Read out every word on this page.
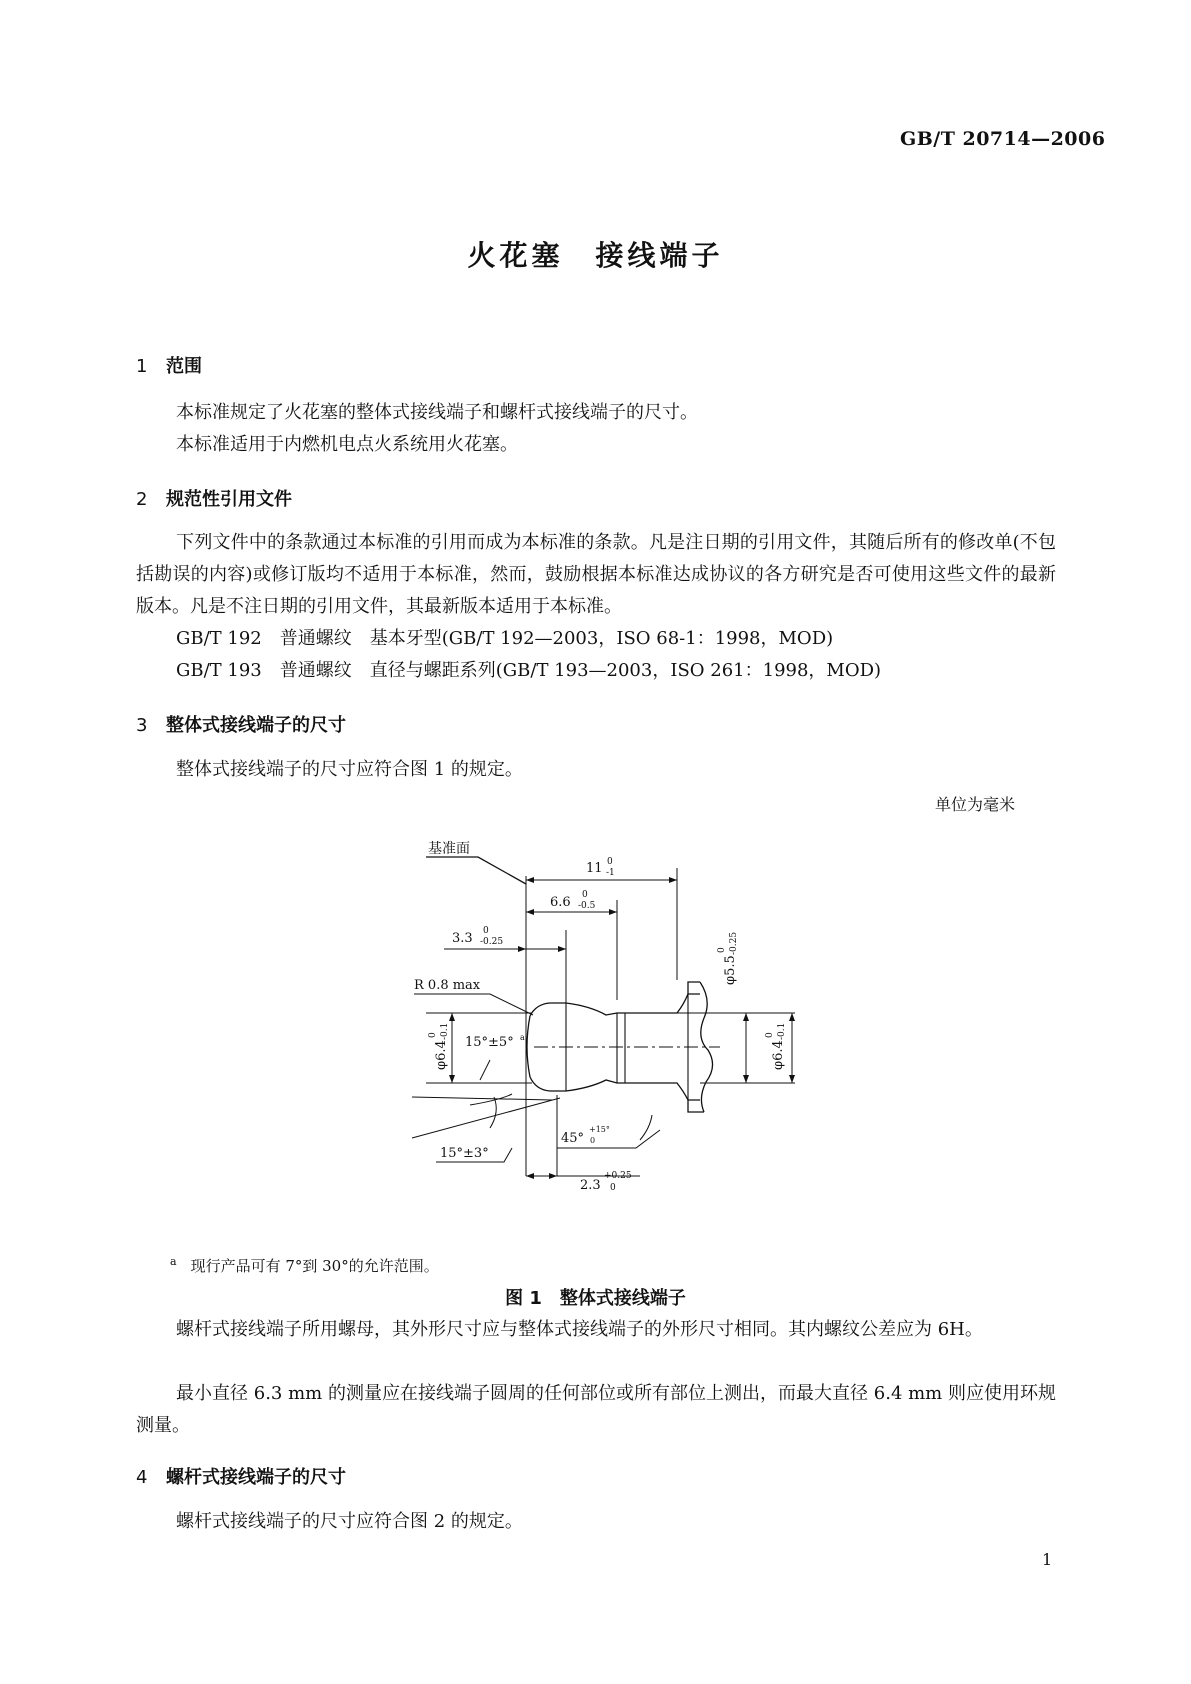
GB/T 20714—2006
火花塞　接线端子
1 范围
本标准规定了火花塞的整体式接线端子和螺杆式接线端子的尺寸。
本标准适用于内燃机电点火系统用火花塞。
2 规范性引用文件
下列文件中的条款通过本标准的引用而成为本标准的条款。凡是注日期的引用文件，其随后所有的修改单(不包括勘误的内容)或修订版均不适用于本标准，然而，鼓励根据本标准达成协议的各方研究是否可使用这些文件的最新版本。凡是不注日期的引用文件，其最新版本适用于本标准。
GB/T 192　普通螺纹　基本牙型(GB/T 192—2003，ISO 68-1：1998，MOD)
GB/T 193　普通螺纹　直径与螺距系列(GB/T 193—2003，ISO 261：1998，MOD)
3 整体式接线端子的尺寸
整体式接线端子的尺寸应符合图 1 的规定。
单位为毫米
基准面
11 0
-1
6.6 0
-0.5
3.3 0
-0.25
R 0.8 max
φ6.4
0 -0.1
15°±5° a
15°±3°
45°
+15°
0
2.3
+0.25
0
φ5.5
0 -0.25
φ6.4
0 -0.1
$^a$ 现行产品可有 7°到 30°的允许范围。
图 1　整体式接线端子
螺杆式接线端子所用螺母，其外形尺寸应与整体式接线端子的外形尺寸相同。其内螺纹公差应为 6H。
最小直径 6.3 mm 的测量应在接线端子圆周的任何部位或所有部位上测出，而最大直径 6.4 mm 则应使用环规测量。
4 螺杆式接线端子的尺寸
螺杆式接线端子的尺寸应符合图 2 的规定。
1
